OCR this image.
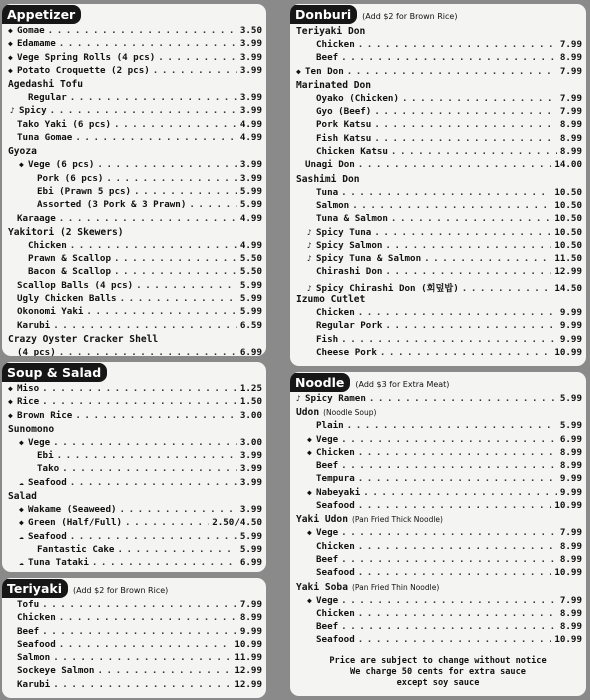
Appetizer
◆ Gomae . . .	3.50
◆ Edamame . . .	3.99
◆ Vege Spring Rolls (4 pcs) . . .	3.99
◆ Potato Croquette (2 pcs) . . .	3.99
Agedashi Tofu
Regular . . .	3.99
♪ Spicy . . .	3.99
Tako Yaki (6 pcs) . . .	4.99
Tuna Gomae . . .	4.99
Gyoza
◆ Vege (6 pcs) . . .	3.99
Pork (6 pcs) . . .	3.99
Ebi (Prawn 5 pcs) . . .	5.99
Assorted (3 Pork & 3 Prawn) . . .	5.99
Karaage . . .	4.99
Yakitori (2 Skewers)
Chicken . . .	4.99
Prawn & Scallop . . .	5.50
Bacon & Scallop . . .	5.50
Scallop Balls (4 pcs) . . .	5.99
Ugly Chicken Balls . . .	5.99
Okonomi Yaki . . .	5.99
Karubi . . .	6.59
Crazy Oyster Cracker Shell
(4 pcs) . . .	6.99
Soup & Salad
◆ Miso . . .	1.25
◆ Rice . . .	1.50
◆ Brown Rice . . .	3.00
Sunomono
◆ Vege . . .	3.00
Ebi . . .	3.99
Tako . . .	3.99
☁ Seafood . . .	3.99
Salad
◆ Wakame (Seaweed) . . .	3.99
◆ Green (Half/Full) . . .	2.50/4.50
☁ Seafood . . .	5.99
Fantastic Cake . . .	5.99
☁ Tuna Tataki . . .	6.99
Teriyaki	(Add $2 for Brown Rice)
Tofu . . .	7.99
Chicken . . .	8.99
Beef . . .	9.99
Seafood . . .	10.99
Salmon . . .	11.99
Sockeye Salmon . . .	12.99
Karubi . . .	12.99
Donburi	(Add $2 for Brown Rice)
Teriyaki Don
Chicken . . .	7.99
Beef . . .	8.99
◆ Ten Don . . .	7.99
Marinated Don
Oyako (Chicken) . . .	7.99
Gyo (Beef) . . .	7.99
Pork Katsu . . .	8.99
Fish Katsu . . .	8.99
Chicken Katsu . . .	8.99
Unagi Don . . .	14.00
Sashimi Don
Tuna . . .	10.50
Salmon . . .	10.50
Tuna & Salmon . . .	10.50
♪ Spicy Tuna . . .	10.50
♪ Spicy Salmon . . .	10.50
♪ Spicy Tuna & Salmon . . .	11.50
Chirashi Don . . .	12.99
♪ Spicy Chirashi Don (회덮밥) . . .	14.50
Izumo Cutlet
Chicken . . .	9.99
Regular Pork . . .	9.99
Fish . . .	9.99
Cheese Pork . . .	10.99
Noodle	(Add $3 for Extra Meat)
♪ Spicy Ramen . . .	5.99
Udon (Noodle Soup)
Plain . . .	5.99
◆ Vege . . .	6.99
◆ Chicken . . .	8.99
Beef . . .	8.99
Tempura . . .	9.99
◆ Nabeyaki . . .	9.99
Seafood . . .	10.99
Yaki Udon (Pan Fried Thick Noodle)
◆ Vege . . .	7.99
Chicken . . .	8.99
Beef . . .	8.99
Seafood . . .	10.99
Yaki Soba (Pan Fried Thin Noodle)
◆ Vege . . .	7.99
Chicken . . .	8.99
Beef . . .	8.99
Seafood . . .	10.99
Price are subject to change without notice
We charge 50 cents for extra sauce
except soy sauce
